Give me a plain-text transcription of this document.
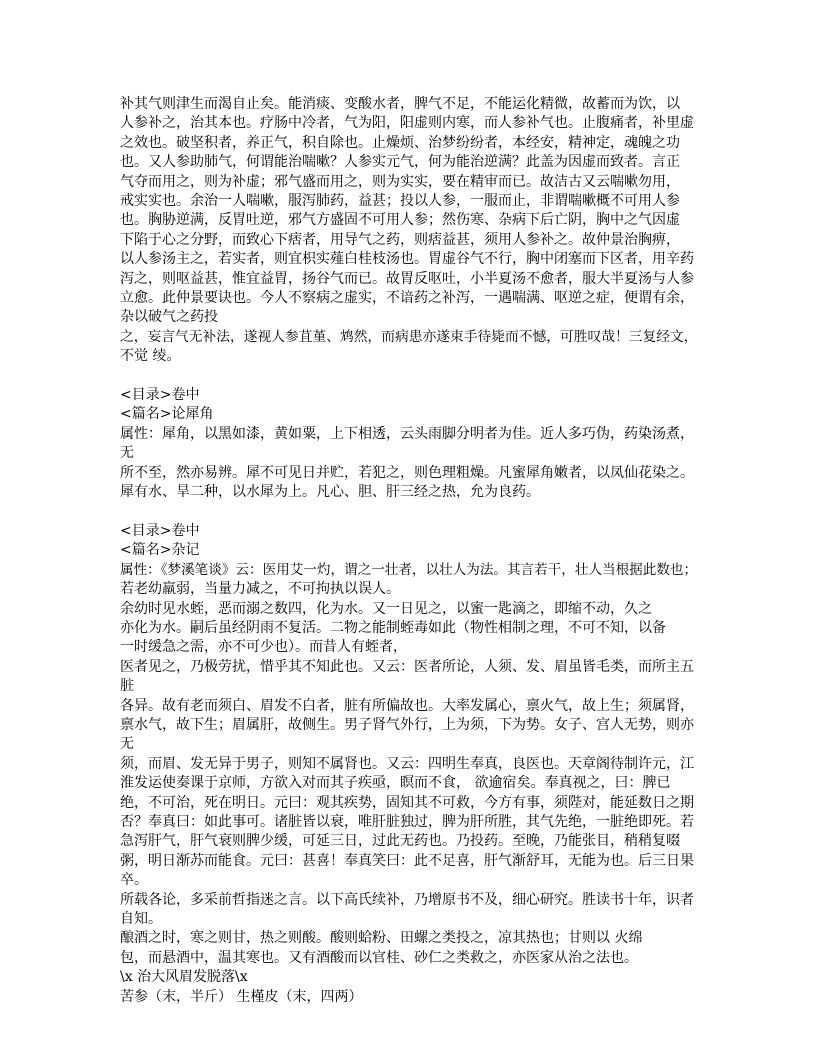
补其气则津生而渴自止矣。能消痰、变酸水者，脾气不足，不能运化精微，故蓄而为饮，以
人参补之，治其本也。疗肠中冷者，气为阳，阳虚则内寒，而人参补气也。止腹痛者，补里虚
之效也。破坚积者，养正气，积自除也。止燥烦、治梦纷纷者，本经安，精神定，魂魄之功
也。又人参助肺气，何谓能治喘嗽？人参实元气，何为能治逆满？此盖为因虚而致者。言正
气夺而用之，则为补虚；邪气盛而用之，则为实实，要在精审而已。故洁古又云喘嗽勿用，
戒实实也。余治一人喘嗽，服泻肺药，益甚；投以人参，一服而止，非谓喘嗽概不可用人参
也。胸胁逆满，反胃吐逆，邪气方盛固不可用人参；然伤寒、杂病下后亡阴，胸中之气因虚
下陷于心之分野，而致心下痞者，用导气之药，则痞益甚，须用人参补之。故仲景治胸痹，
以人参汤主之，若实者，则宜枳实薤白桂枝汤也。胃虚谷气不行，胸中闭塞而下区者，用辛药
泻之，则呕益甚，惟宜益胃，扬谷气而已。故胃反呕吐，小半夏汤不愈者，服大半夏汤与人参
立愈。此仲景要诀也。今人不察病之虚实，不谙药之补泻，一遇喘满、呕逆之症，便谓有余，
杂以破气之药投
之，妄言气无补法，遂视人参苴堇、鸩然，而病患亦遂束手待毙而不憾，可胜叹哉！三复经文，
不觉 绫。
<目录>卷中
<篇名>论犀角
属性：犀角，以黑如漆，黄如粟，上下相透，云头雨脚分明者为佳。近人多巧伪，药染汤煮，
无
所不至，然亦易辨。犀不可见日并贮，若犯之，则色理粗燥。凡蜜犀角嫩者，以凤仙花染之。
犀有水、旱二种，以水犀为上。凡心、胆、肝三经之热，允为良药。
<目录>卷中
<篇名>杂记
属性：《梦溪笔谈》云：医用艾一灼，谓之一壮者，以壮人为法。其言若干，壮人当根据此数也；
若老幼羸弱，当量力减之，不可拘执以误人。
余幼时见水蛭，恶而溺之数四，化为水。又一日见之，以蜜一匙滴之，即缩不动，久之
亦化为水。嗣后虽经阴雨不复活。二物之能制蛭毒如此（物性相制之理，不可不知，以备
一时缓急之需，亦不可少也）。而昔人有蛭者，
医者见之，乃极劳扰，惜乎其不知此也。又云：医者所论，人须、发、眉虽皆毛类，而所主五
脏
各异。故有老而须白、眉发不白者，脏有所偏故也。大率发属心，禀火气，故上生；须属肾，
禀水气，故下生；眉属肝，故侧生。男子肾气外行，上为须，下为势。女子、宫人无势，则亦
无
须，而眉、发无异于男子，则知不属肾也。又云：四明生奉真，良医也。天章阁待制许元，江
淮发运使奏课于京师，方欲入对而其子疾亟，瞑而不食， 欲逾宿矣。奉真视之，曰：脾已
绝，不可治，死在明日。元曰：观其疾势，固知其不可救，今方有事，须陛对，能延数日之期
否？奉真曰：如此事可。诸脏皆以衰，唯肝脏独过，脾为肝所胜，其气先绝，一脏绝即死。若
急泻肝气，肝气衰则脾少缓，可延三日，过此无药也。乃投药。至晚，乃能张目，稍稍复啜
粥，明日渐苏而能食。元曰：甚喜！奉真笑曰：此不足喜，肝气渐舒耳，无能为也。后三日果
卒。
所载各论，多采前哲指迷之言。以下高氏续补，乃增原书不及，细心研究。胜读书十年，识者
自知。
酿酒之时，寒之则甘，热之则酸。酸则蛤粉、田螺之类投之，凉其热也；甘则以 火绵
包，而悬酒中，温其寒也。又有酒酸而以官桂、砂仁之类救之，亦医家从治之法也。
\x 治大风眉发脱落\x
苦参（末，半斤） 生槿皮（末，四两）
